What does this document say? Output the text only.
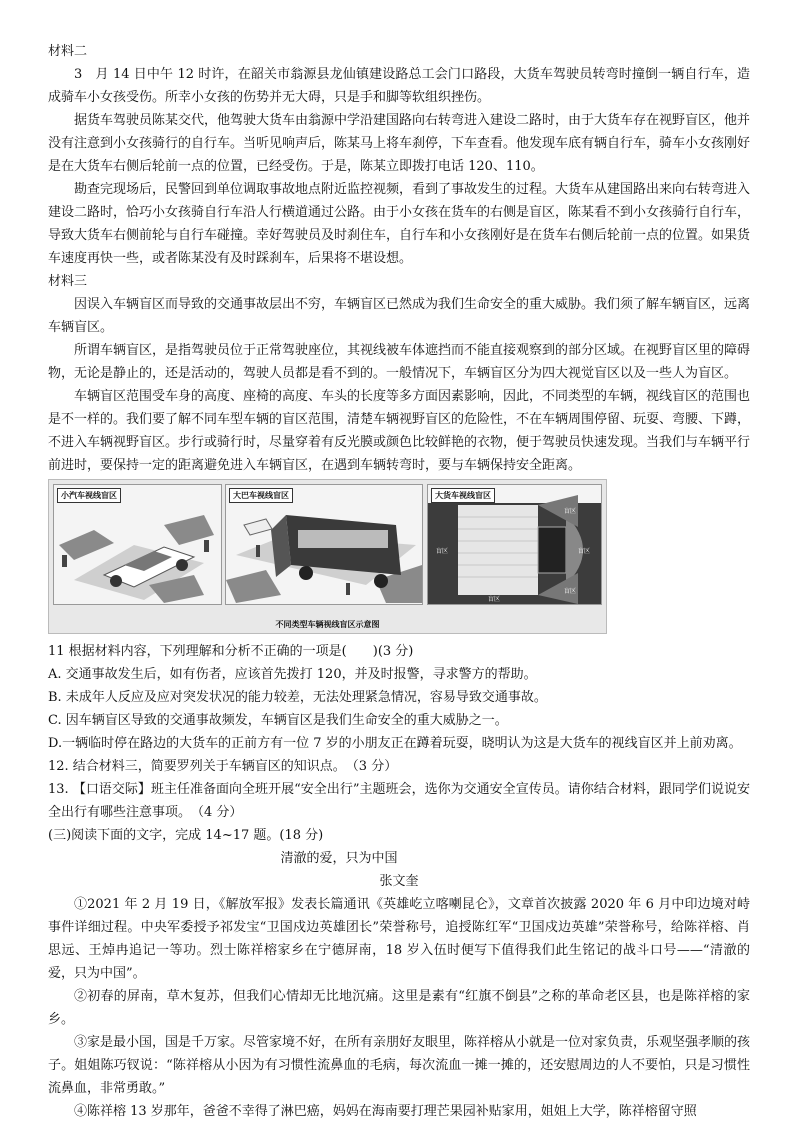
材料二

3　月 14 日中午 12 时许，在韶关市翁源县龙仙镇建设路总工会门口路段，大货车驾驶员转弯时撞倒一辆自行车，造成骑车小女孩受伤。所幸小女孩的伤势并无大碍，只是手和脚等软组织挫伤。

据货车驾驶员陈某交代，他驾驶大货车由翁源中学沿建国路向右转弯进入建设二路时，由于大货车存在视野盲区，他并没有注意到小女孩骑行的自行车。当听见响声后，陈某马上将车刹停，下车查看。他发现车底有辆自行车，骑车小女孩刚好是在大货车右侧后轮前一点的位置，已经受伤。于是，陈某立即拨打电话 120、110。

勘查完现场后，民警回到单位调取事故地点附近监控视频，看到了事故发生的过程。大货车从建国路出来向右转弯进入建设二路时，恰巧小女孩骑自行车沿人行横道通过公路。由于小女孩在货车的右侧是盲区，陈某看不到小女孩骑行自行车，导致大货车右侧前轮与自行车碰撞。幸好驾驶员及时刹住车，自行车和小女孩刚好是在货车右侧后轮前一点的位置。如果货车速度再快一些，或者陈某没有及时踩刹车，后果将不堪设想。

材料三

因误入车辆盲区而导致的交通事故层出不穷，车辆盲区已然成为我们生命安全的重大威胁。我们须了解车辆盲区，远离车辆盲区。

所谓车辆盲区，是指驾驶员位于正常驾驶座位，其视线被车体遮挡而不能直接观察到的部分区域。在视野盲区里的障碍物，无论是静止的，还是活动的，驾驶人员都是看不到的。一般情况下，车辆盲区分为四大视觉盲区以及一些人为盲区。

车辆盲区范围受车身的高度、座椅的高度、车头的长度等多方面因素影响，因此，不同类型的车辆，视线盲区的范围也是不一样的。我们要了解不同车型车辆的盲区范围，清楚车辆视野盲区的危险性，不在车辆周围停留、玩耍、弯腰、下蹲，不进入车辆视野盲区。步行或骑行时，尽量穿着有反光膜或颜色比较鲜艳的衣物，便于驾驶员快速发现。当我们与车辆平行前进时，要保持一定的距离避免进入车辆盲区，在遇到车辆转弯时，要与车辆保持安全距离。

小汽车视线盲区	大巴车视线盲区	大货车视线盲区
盲区
盲区
盲区
盲区
盲区
不同类型车辆视线盲区示意图

11 根据材料内容，下列理解和分析不正确的一项是(　　)(3 分)

A. 交通事故发生后，如有伤者，应该首先拨打 120，并及时报警，寻求警方的帮助。

B. 未成年人反应及应对突发状况的能力较差，无法处理紧急情况，容易导致交通事故。

C. 因车辆盲区导致的交通事故频发，车辆盲区是我们生命安全的重大威胁之一。

D.一辆临时停在路边的大货车的正前方有一位 7 岁的小朋友正在蹲着玩耍，晓明认为这是大货车的视线盲区并上前劝离。

12. 结合材料三，简要罗列关于车辆盲区的知识点。　（3 分）

13. 【口语交际】班主任准备面向全班开展“安全出行”主题班会，选你为交通安全宣传员。请你结合材料，跟同学们说说安全出行有哪些注意事项。　（4 分）

(三)阅读下面的文字，完成 14~17 题。(18 分)

清澈的爱，只为中国

张文奎

①2021 年 2 月 19 日，《解放军报》发表长篇通讯《英雄屹立喀喇昆仑》，文章首次披露 2020 年 6 月中印边境对峙事件详细过程。中央军委授予祁发宝“卫国戍边英雄团长”荣誉称号，追授陈红军“卫国戍边英雄”荣誉称号，给陈祥榕、肖思远、王焯冉追记一等功。烈士陈祥榕家乡在宁德屏南，18 岁入伍时便写下值得我们此生铭记的战斗口号——“清澈的爱，只为中国”。

②初春的屏南，草木复苏，但我们心情却无比地沉痛。这里是素有“红旗不倒县”之称的革命老区县，也是陈祥榕的家乡。

③家是最小国，国是千万家。尽管家境不好，在所有亲朋好友眼里，陈祥榕从小就是一位对家负责，乐观坚强孝顺的孩子。姐姐陈巧钗说：“陈祥榕从小因为有习惯性流鼻血的毛病，每次流血一摊一摊的，还安慰周边的人不要怕，只是习惯性流鼻血，非常勇敢。”

④陈祥榕 13 岁那年，爸爸不幸得了淋巴癌，妈妈在海南要打理芒果园补贴家用，姐姐上大学，陈祥榕留守照
